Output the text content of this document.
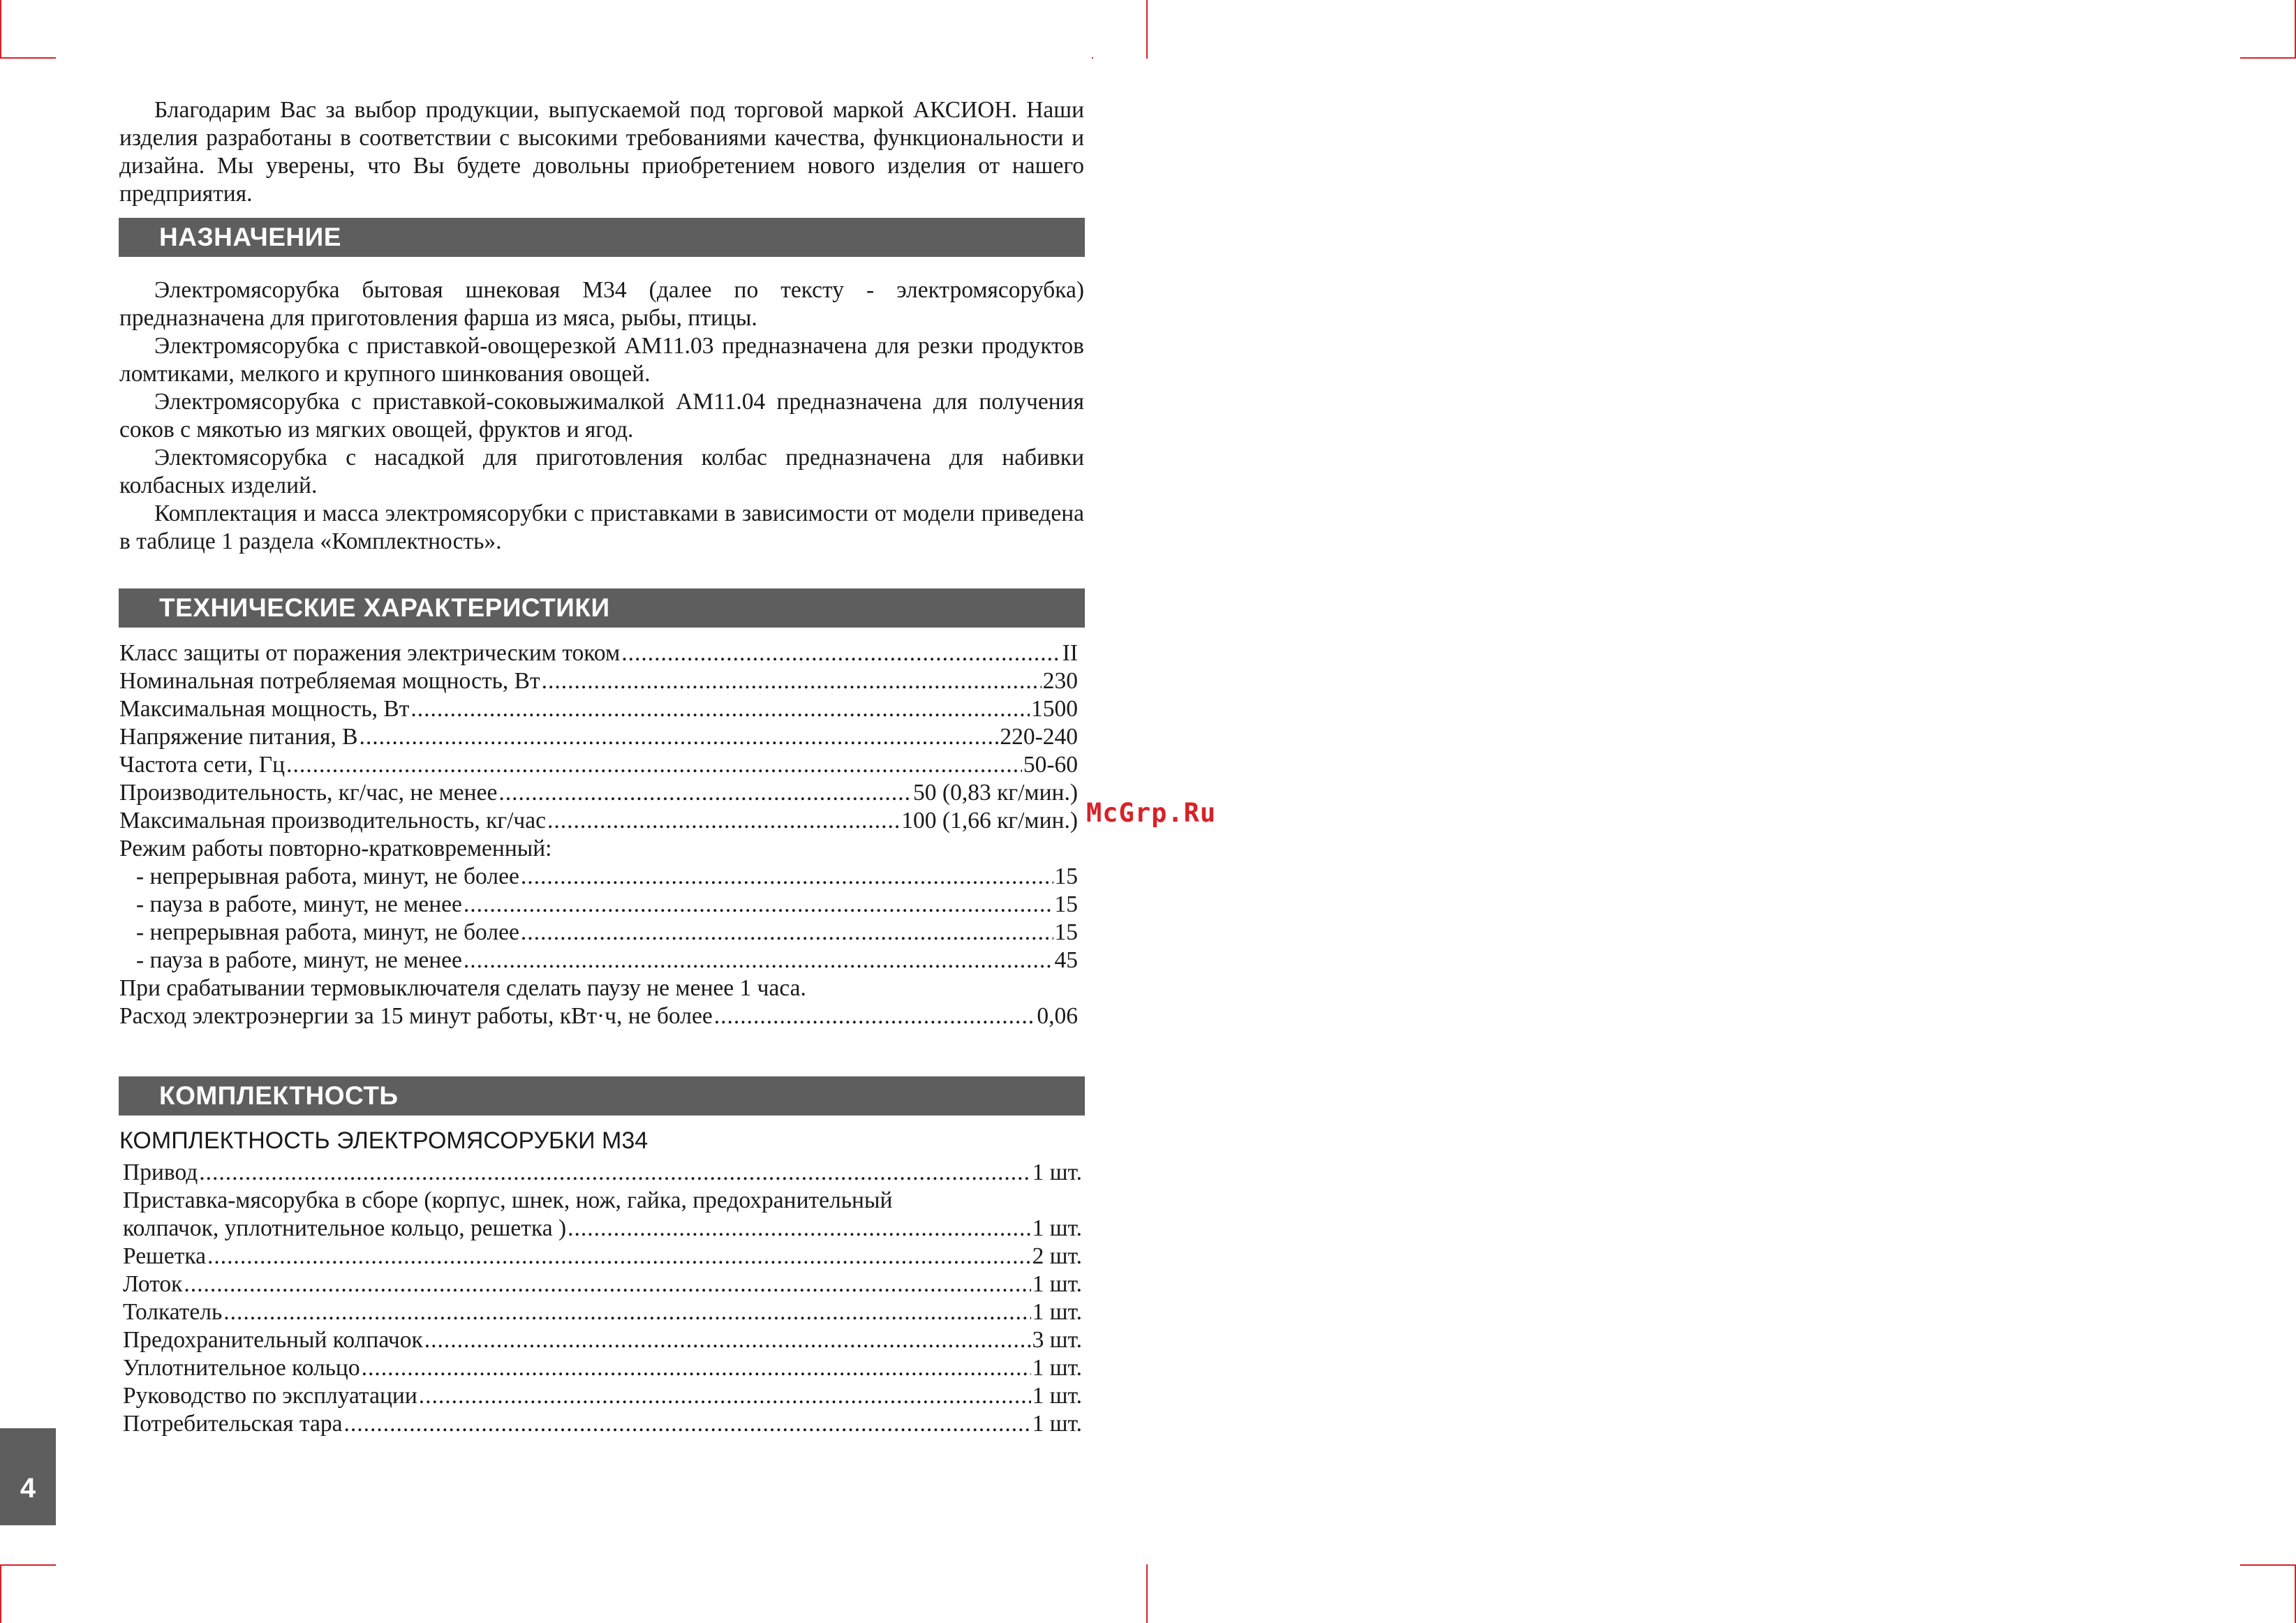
Благодарим Вас за выбор продукции, выпускаемой под торговой маркой АКСИОН. Наши изделия разработаны в соответствии с высокими требованиями качества, функциональности и дизайна. Мы уверены, что Вы будете довольны приобретением нового изделия от нашего предприятия.

НАЗНАЧЕНИЕ

Электромясорубка бытовая шнековая М34 (далее по тексту - электромясорубка) предназначена для приготовления фарша из мяса, рыбы, птицы.

Электромясорубка с приставкой-овощерезкой АМ11.03 предназначена для резки продуктов ломтиками, мелкого и крупного шинкования овощей.

Электромясорубка с приставкой-соковыжималкой АМ11.04 предназначена для получения соков с мякотью из мягких овощей, фруктов и ягод.

Электомясорубка с насадкой для приготовления колбас предназначена для набивки колбасных изделий.

Комплектация и масса электромясорубки с приставками в зависимости от модели приведена в таблице 1 раздела «Комплектность».

ТЕХНИЧЕСКИЕ ХАРАКТЕРИСТИКИ
Класс защиты от поражения электрическим током .....	II
Номинальная потребляемая мощность, Вт .....	230
Максимальная мощность, Вт .....	1500
Напряжение питания, В .....	220-240
Частота сети, Гц .....	50-60
Производительность, кг/час, не менее .....	50 (0,83 кг/мин.)
Максимальная производительность, кг/час .....	100 (1,66 кг/мин.)
Режим работы повторно-кратковременный:
- непрерывная работа, минут, не более .....	15
- пауза в работе, минут, не менее .....	15
- непрерывная работа, минут, не более .....	15
- пауза в работе, минут, не менее .....	45
При срабатывании термовыключателя сделать паузу не менее 1 часа.
Расход электроэнергии за 15 минут работы, кВт·ч, не более .....	0,06
КОМПЛЕКТНОСТЬ
КОМПЛЕКТНОСТЬ ЭЛЕКТРОМЯСОРУБКИ М34
Привод .....	1 шт.
Приставка-мясорубка в сборе (корпус, шнек, нож, гайка, предохранительный
колпачок, уплотнительное кольцо, решетка ) .....	1 шт.
Решетка .....	2 шт.
Лоток .....	1 шт.
Толкатель .....	1 шт.
Предохранительный колпачок .....	3 шт.
Уплотнительное кольцо .....	1 шт.
Руководство по эксплуатации .....	1 шт.
Потребительская тара .....	1 шт.
McGrp.Ru
4
